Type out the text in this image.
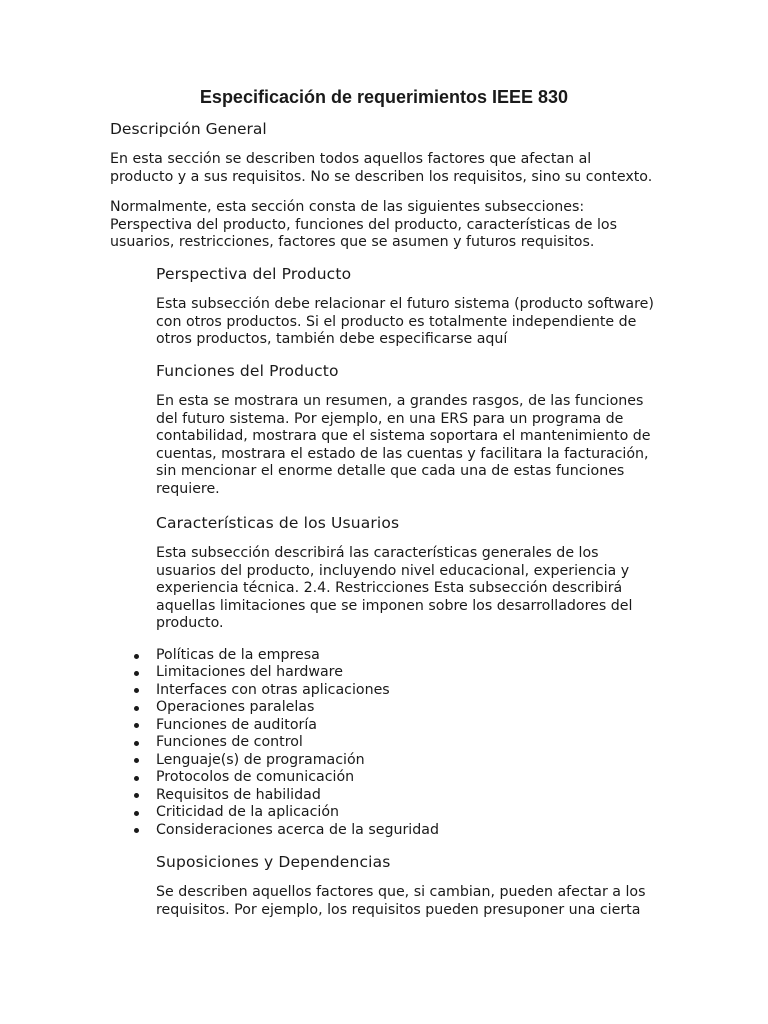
Especificación de requerimientos IEEE 830
Descripción General
En esta sección se describen todos aquellos factores que afectan al
producto y a sus requisitos. No se describen los requisitos, sino su contexto.
Normalmente, esta sección consta de las siguientes subsecciones:
Perspectiva del producto, funciones del producto, características de los
usuarios, restricciones, factores que se asumen y futuros requisitos.
Perspectiva del Producto
Esta subsección debe relacionar el futuro sistema (producto software)
con otros productos. Si el producto es totalmente independiente de
otros productos, también debe especificarse aquí
Funciones del Producto
En esta se mostrara un resumen, a grandes rasgos, de las funciones
del futuro sistema. Por ejemplo, en una ERS para un programa de
contabilidad, mostrara que el sistema soportara el mantenimiento de
cuentas, mostrara el estado de las cuentas y facilitara la facturación,
sin mencionar el enorme detalle que cada una de estas funciones
requiere.
Características de los Usuarios
Esta subsección describirá las características generales de los
usuarios del producto, incluyendo nivel educacional, experiencia y
experiencia técnica. 2.4. Restricciones Esta subsección describirá
aquellas limitaciones que se imponen sobre los desarrolladores del
producto.
Políticas de la empresa
Limitaciones del hardware
Interfaces con otras aplicaciones
Operaciones paralelas
Funciones de auditoría
Funciones de control
Lenguaje(s) de programación
Protocolos de comunicación
Requisitos de habilidad
Criticidad de la aplicación
Consideraciones acerca de la seguridad
Suposiciones y Dependencias
Se describen aquellos factores que, si cambian, pueden afectar a los
requisitos. Por ejemplo, los requisitos pueden presuponer una cierta
